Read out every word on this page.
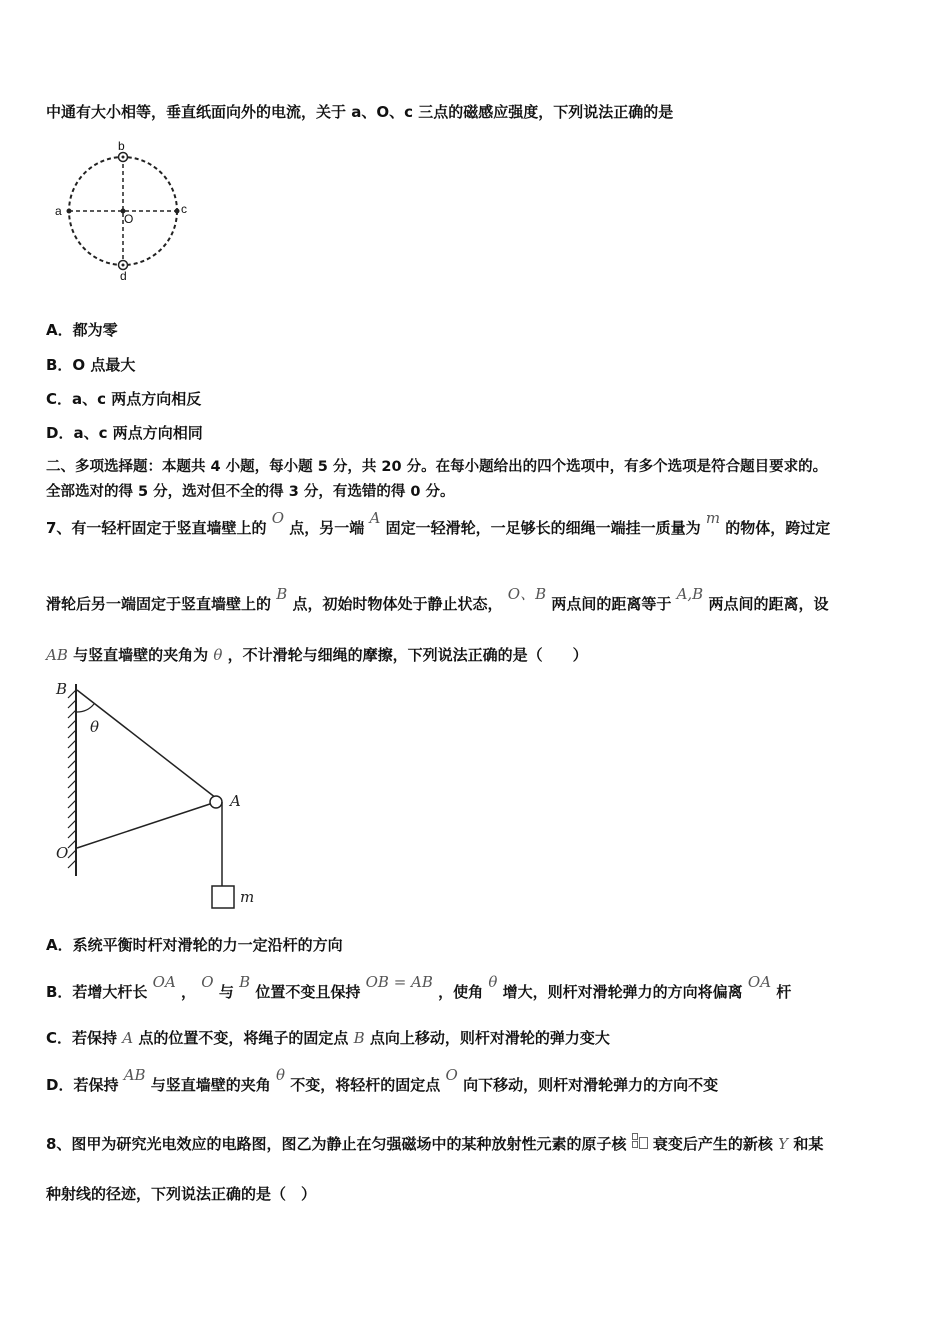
中通有大小相等，垂直纸面向外的电流，关于 a、O、c 三点的磁感应强度，下列说法正确的是
b
a	c
O
d
A．都为零
B．O 点最大
C．a、c 两点方向相反
D．a、c 两点方向相同
二、多项选择题：本题共 4 小题，每小题 5 分，共 20 分。在每小题给出的四个选项中，有多个选项是符合题目要求的。
全部选对的得 5 分，选对但不全的得 3 分，有选错的得 0 分。
7、有一轻杆固定于竖直墙壁上的 O 点，另一端 A 固定一轻滑轮，一足够长的细绳一端挂一质量为 m 的物体，跨过定
滑轮后另一端固定于竖直墙壁上的 B 点，初始时物体处于静止状态， O、B 两点间的距离等于 A,B 两点间的距离，设
AB 与竖直墙壁的夹角为 θ ，不计滑轮与细绳的摩擦，下列说法正确的是（　　）
B
θ
A
O
m
A．系统平衡时杆对滑轮的力一定沿杆的方向
B．若增大杆长 OA ， O 与 B 位置不变且保持 OB = AB ，使角 θ 增大，则杆对滑轮弹力的方向将偏离 OA 杆
C．若保持 A 点的位置不变，将绳子的固定点 B 点向上移动，则杆对滑轮的弹力变大
D．若保持 AB 与竖直墙壁的夹角 θ 不变，将轻杆的固定点 O 向下移动，则杆对滑轮弹力的方向不变
8、图甲为研究光电效应的电路图，图乙为静止在匀强磁场中的某种放射性元素的原子核 衰变后产生的新核 Y 和某
种射线的径迹，下列说法正确的是（　）
